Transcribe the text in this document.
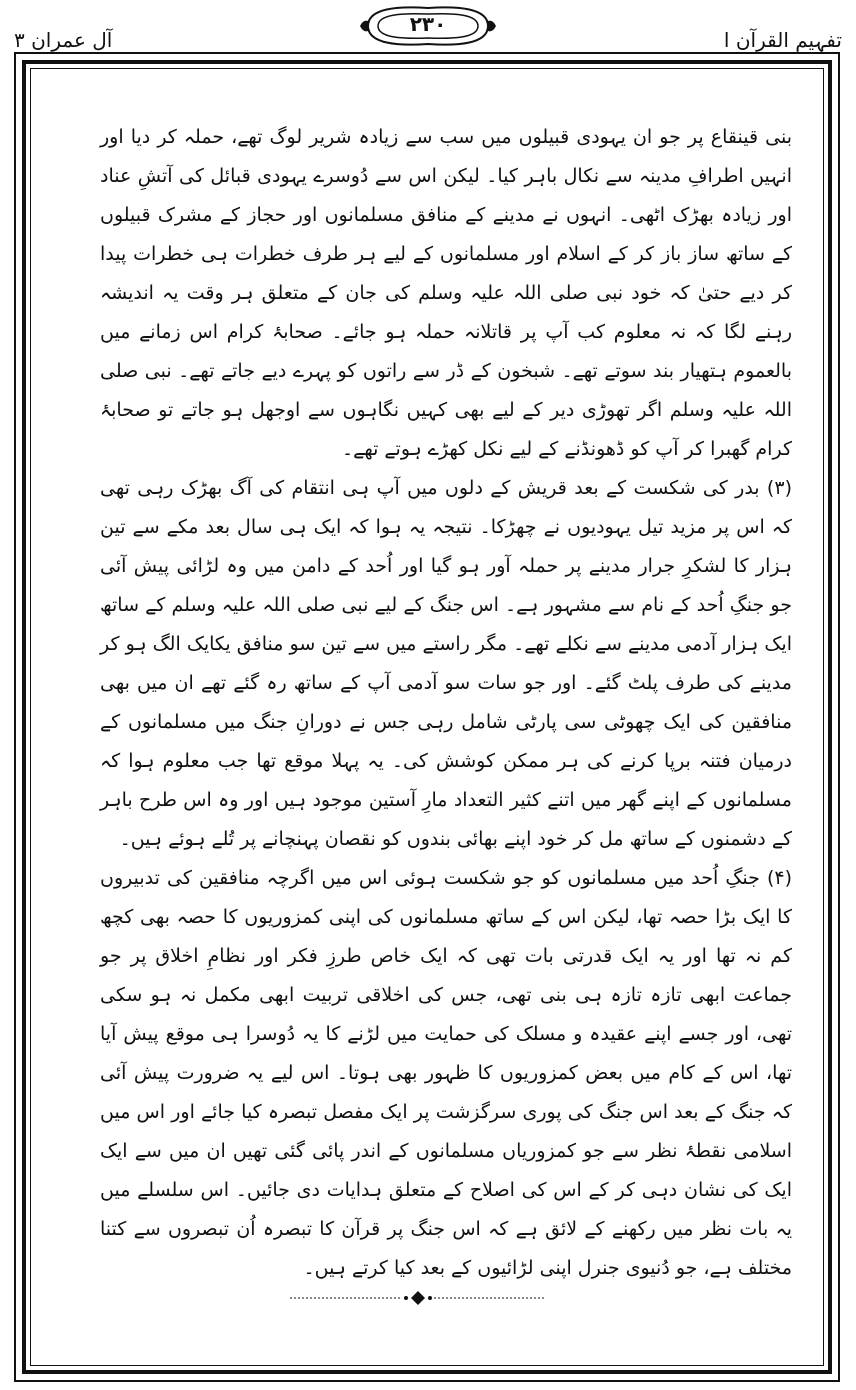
تفہیم القرآن ا
۲۳۰
آل عمران ۳

بنی قینقاع پر جو ان یہودی قبیلوں میں سب سے زیادہ شریر لوگ تھے، حملہ کر دیا اور انہیں اطرافِ مدینہ سے نکال باہر کیا۔ لیکن اس سے دُوسرے یہودی قبائل کی آتشِ عناد اور زیادہ بھڑک اٹھی۔ انہوں نے مدینے کے منافق مسلمانوں اور حجاز کے مشرک قبیلوں کے ساتھ ساز باز کر کے اسلام اور مسلمانوں کے لیے ہر طرف خطرات ہی خطرات پیدا کر دیے حتیٰ کہ خود نبی صلی اللہ علیہ وسلم کی جان کے متعلق ہر وقت یہ اندیشہ رہنے لگا کہ نہ معلوم کب آپ پر قاتلانہ حملہ ہو جائے۔ صحابۂ کرام اس زمانے میں بالعموم ہتھیار بند سوتے تھے۔ شبخون کے ڈر سے راتوں کو پہرے دیے جاتے تھے۔ نبی صلی اللہ علیہ وسلم اگر تھوڑی دیر کے لیے بھی کہیں نگاہوں سے اوجھل ہو جاتے تو صحابۂ کرام گھبرا کر آپ کو ڈھونڈنے کے لیے نکل کھڑے ہوتے تھے۔

(۳) بدر کی شکست کے بعد قریش کے دلوں میں آپ ہی انتقام کی آگ بھڑک رہی تھی کہ اس پر مزید تیل یہودیوں نے چھڑکا۔ نتیجہ یہ ہوا کہ ایک ہی سال بعد مکے سے تین ہزار کا لشکرِ جرار مدینے پر حملہ آور ہو گیا اور اُحد کے دامن میں وہ لڑائی پیش آئی جو جنگِ اُحد کے نام سے مشہور ہے۔ اس جنگ کے لیے نبی صلی اللہ علیہ وسلم کے ساتھ ایک ہزار آدمی مدینے سے نکلے تھے۔ مگر راستے میں سے تین سو منافق یکایک الگ ہو کر مدینے کی طرف پلٹ گئے۔ اور جو سات سو آدمی آپ کے ساتھ رہ گئے تھے ان میں بھی منافقین کی ایک چھوٹی سی پارٹی شامل رہی جس نے دورانِ جنگ میں مسلمانوں کے درمیان فتنہ برپا کرنے کی ہر ممکن کوشش کی۔ یہ پہلا موقع تھا جب معلوم ہوا کہ مسلمانوں کے اپنے گھر میں اتنے کثیر التعداد مارِ آستین موجود ہیں اور وہ اس طرح باہر کے دشمنوں کے ساتھ مل کر خود اپنے بھائی بندوں کو نقصان پہنچانے پر تُلے ہوئے ہیں۔

(۴) جنگِ اُحد میں مسلمانوں کو جو شکست ہوئی اس میں اگرچہ منافقین کی تدبیروں کا ایک بڑا حصہ تھا، لیکن اس کے ساتھ مسلمانوں کی اپنی کمزوریوں کا حصہ بھی کچھ کم نہ تھا اور یہ ایک قدرتی بات تھی کہ ایک خاص طرزِ فکر اور نظامِ اخلاق پر جو جماعت ابھی تازہ تازہ ہی بنی تھی، جس کی اخلاقی تربیت ابھی مکمل نہ ہو سکی تھی، اور جسے اپنے عقیدہ و مسلک کی حمایت میں لڑنے کا یہ دُوسرا ہی موقع پیش آیا تھا، اس کے کام میں بعض کمزوریوں کا ظہور بھی ہوتا۔ اس لیے یہ ضرورت پیش آئی کہ جنگ کے بعد اس جنگ کی پوری سرگزشت پر ایک مفصل تبصرہ کیا جائے اور اس میں اسلامی نقطۂ نظر سے جو کمزوریاں مسلمانوں کے اندر پائی گئی تھیں ان میں سے ایک ایک کی نشان دہی کر کے اس کی اصلاح کے متعلق ہدایات دی جائیں۔ اس سلسلے میں یہ بات نظر میں رکھنے کے لائق ہے کہ اس جنگ پر قرآن کا تبصرہ اُن تبصروں سے کتنا مختلف ہے، جو دُنیوی جنرل اپنی لڑائیوں کے بعد کیا کرتے ہیں۔
